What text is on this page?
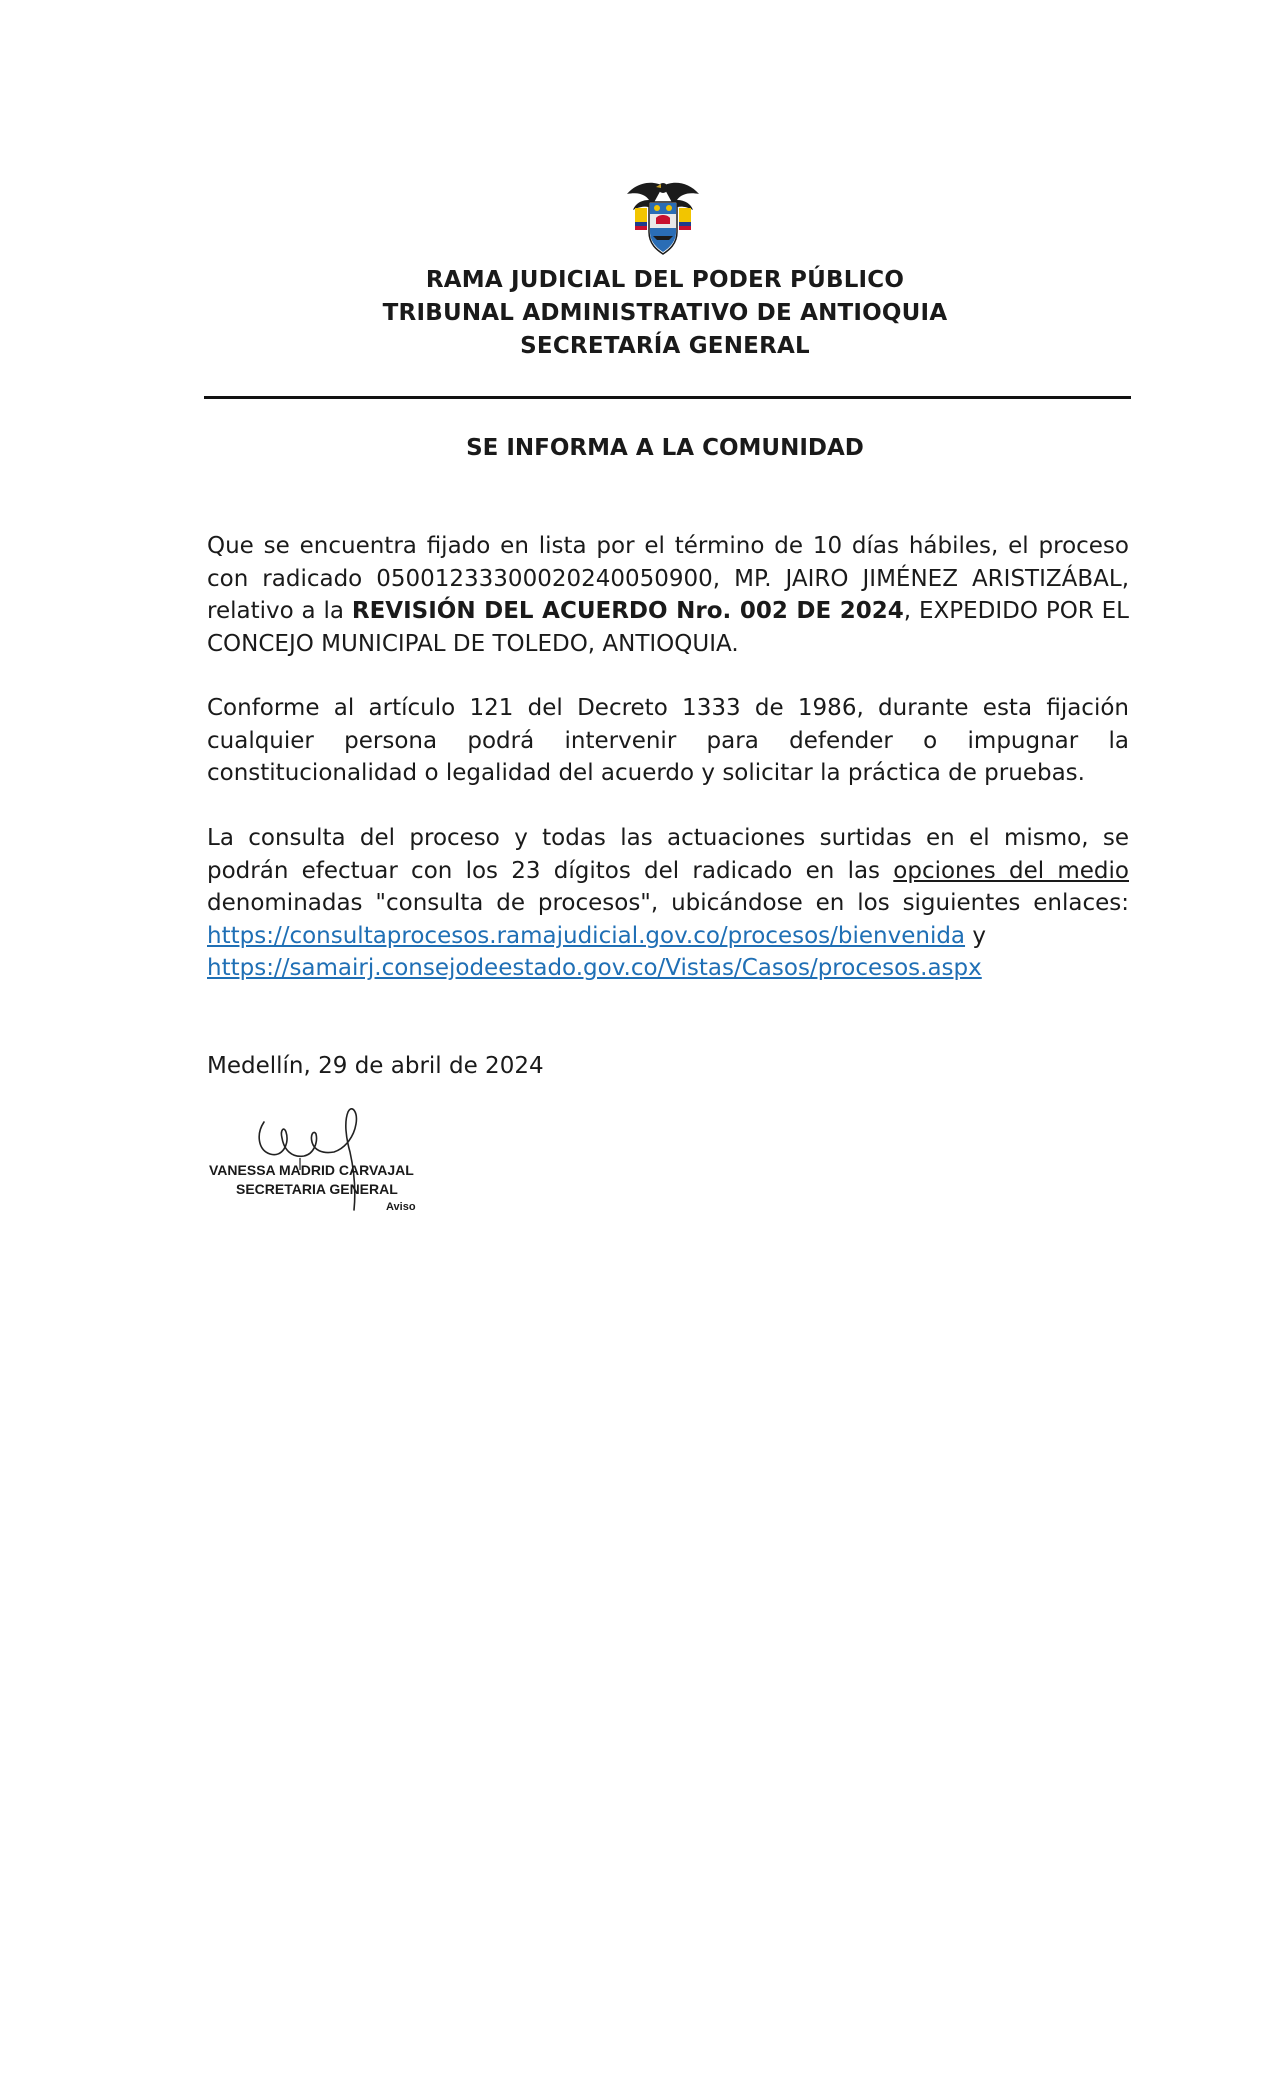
RAMA JUDICIAL DEL PODER PÚBLICO
TRIBUNAL ADMINISTRATIVO DE ANTIOQUIA
SECRETARÍA GENERAL
SE INFORMA A LA COMUNIDAD
Que se encuentra fijado en lista por el término de 10 días hábiles, el proceso con radicado 05001233300020240050900, MP. JAIRO JIMÉNEZ ARISTIZÁBAL, relativo a la REVISIÓN DEL ACUERDO Nro. 002 DE 2024, EXPEDIDO POR EL CONCEJO MUNICIPAL DE TOLEDO, ANTIOQUIA.
Conforme al artículo 121 del Decreto 1333 de 1986, durante esta fijación cualquier persona podrá intervenir para defender o impugnar la constitucionalidad o legalidad del acuerdo y solicitar la práctica de pruebas.
La consulta del proceso y todas las actuaciones surtidas en el mismo, se podrán efectuar con los 23 dígitos del radicado en las opciones del medio denominadas "consulta de procesos", ubicándose en los siguientes enlaces: https://consultaprocesos.ramajudicial.gov.co/procesos/bienvenida y
https://samairj.consejodeestado.gov.co/Vistas/Casos/procesos.aspx
Medellín, 29 de abril de 2024
VANESSA MADRID CARVAJAL
SECRETARIA GENERAL
Aviso
